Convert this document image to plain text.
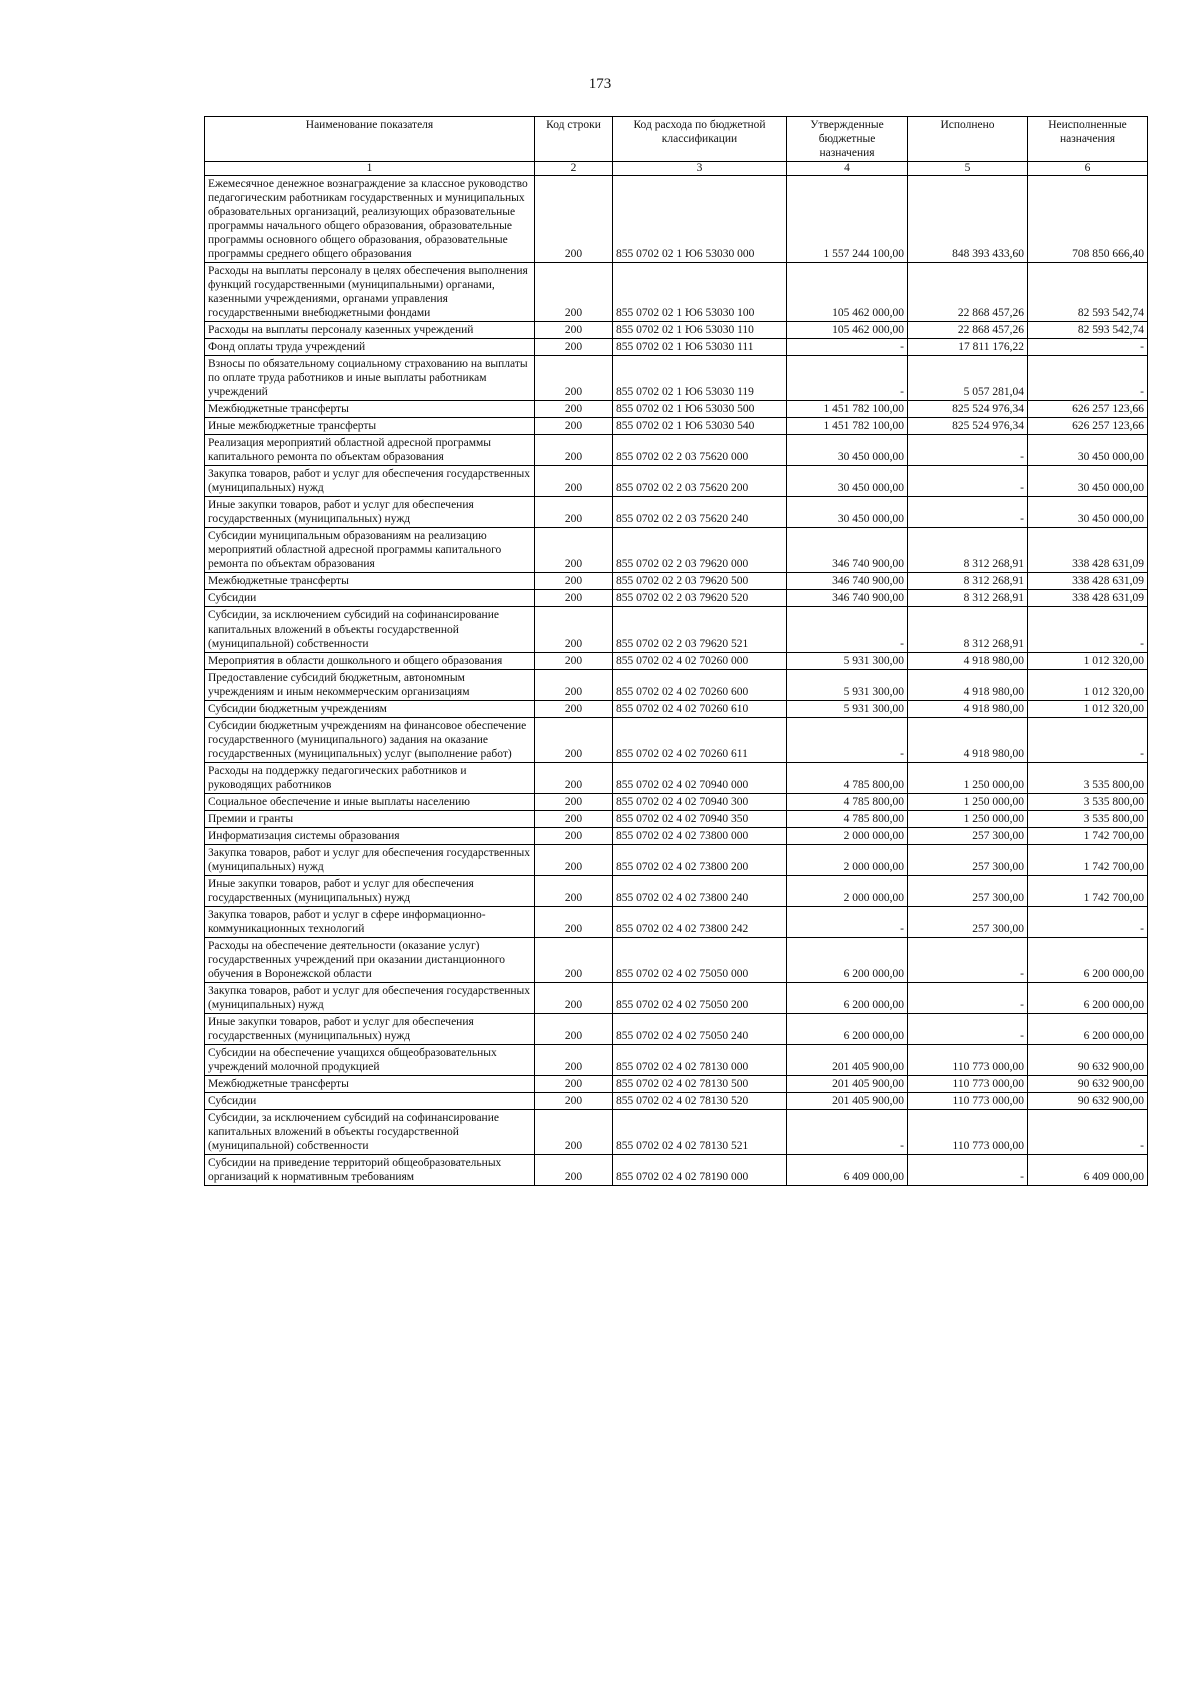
173
Наименование показателя	Код строки	Код расхода по бюджетной классификации	Утвержденные бюджетные назначения	Исполнено	Неисполненные назначения
1	2	3	4	5	6
Ежемесячное денежное вознаграждение за классное руководство педагогическим работникам государственных и муниципальных образовательных организаций, реализующих образовательные программы начального общего образования, образовательные программы основного общего образования, образовательные программы среднего общего образования	200	855 0702 02 1 Ю6 53030 000	1 557 244 100,00	848 393 433,60	708 850 666,40
Расходы на выплаты персоналу в целях обеспечения выполнения функций государственными (муниципальными) органами, казенными учреждениями, органами управления государственными внебюджетными фондами	200	855 0702 02 1 Ю6 53030 100	105 462 000,00	22 868 457,26	82 593 542,74
Расходы на выплаты персоналу казенных учреждений	200	855 0702 02 1 Ю6 53030 110	105 462 000,00	22 868 457,26	82 593 542,74
Фонд оплаты труда учреждений	200	855 0702 02 1 Ю6 53030 111	-	17 811 176,22	-
Взносы по обязательному социальному страхованию на выплаты по оплате труда работников и иные выплаты работникам учреждений	200	855 0702 02 1 Ю6 53030 119	-	5 057 281,04	-
Межбюджетные трансферты	200	855 0702 02 1 Ю6 53030 500	1 451 782 100,00	825 524 976,34	626 257 123,66
Иные межбюджетные трансферты	200	855 0702 02 1 Ю6 53030 540	1 451 782 100,00	825 524 976,34	626 257 123,66
Реализация мероприятий областной адресной программы капитального ремонта по объектам образования	200	855 0702 02 2 03 75620 000	30 450 000,00	-	30 450 000,00
Закупка товаров, работ и услуг для обеспечения государственных (муниципальных) нужд	200	855 0702 02 2 03 75620 200	30 450 000,00	-	30 450 000,00
Иные закупки товаров, работ и услуг для обеспечения государственных (муниципальных) нужд	200	855 0702 02 2 03 75620 240	30 450 000,00	-	30 450 000,00
Субсидии муниципальным образованиям на реализацию мероприятий областной адресной программы капитального ремонта по объектам образования	200	855 0702 02 2 03 79620 000	346 740 900,00	8 312 268,91	338 428 631,09
Межбюджетные трансферты	200	855 0702 02 2 03 79620 500	346 740 900,00	8 312 268,91	338 428 631,09
Субсидии	200	855 0702 02 2 03 79620 520	346 740 900,00	8 312 268,91	338 428 631,09
Субсидии, за исключением субсидий на софинансирование капитальных вложений в объекты государственной (муниципальной) собственности	200	855 0702 02 2 03 79620 521	-	8 312 268,91	-
Мероприятия в области дошкольного и общего образования	200	855 0702 02 4 02 70260 000	5 931 300,00	4 918 980,00	1 012 320,00
Предоставление субсидий бюджетным, автономным учреждениям и иным некоммерческим организациям	200	855 0702 02 4 02 70260 600	5 931 300,00	4 918 980,00	1 012 320,00
Субсидии бюджетным учреждениям	200	855 0702 02 4 02 70260 610	5 931 300,00	4 918 980,00	1 012 320,00
Субсидии бюджетным учреждениям на финансовое обеспечение государственного (муниципального) задания на оказание государственных (муниципальных) услуг (выполнение работ)	200	855 0702 02 4 02 70260 611	-	4 918 980,00	-
Расходы на поддержку педагогических работников и руководящих работников	200	855 0702 02 4 02 70940 000	4 785 800,00	1 250 000,00	3 535 800,00
Социальное обеспечение и иные выплаты населению	200	855 0702 02 4 02 70940 300	4 785 800,00	1 250 000,00	3 535 800,00
Премии и гранты	200	855 0702 02 4 02 70940 350	4 785 800,00	1 250 000,00	3 535 800,00
Информатизация системы образования	200	855 0702 02 4 02 73800 000	2 000 000,00	257 300,00	1 742 700,00
Закупка товаров, работ и услуг для обеспечения государственных (муниципальных) нужд	200	855 0702 02 4 02 73800 200	2 000 000,00	257 300,00	1 742 700,00
Иные закупки товаров, работ и услуг для обеспечения государственных (муниципальных) нужд	200	855 0702 02 4 02 73800 240	2 000 000,00	257 300,00	1 742 700,00
Закупка товаров, работ и услуг в сфере информационно-коммуникационных технологий	200	855 0702 02 4 02 73800 242	-	257 300,00	-
Расходы на обеспечение деятельности (оказание услуг) государственных учреждений при оказании дистанционного обучения в Воронежской области	200	855 0702 02 4 02 75050 000	6 200 000,00	-	6 200 000,00
Закупка товаров, работ и услуг для обеспечения государственных (муниципальных) нужд	200	855 0702 02 4 02 75050 200	6 200 000,00	-	6 200 000,00
Иные закупки товаров, работ и услуг для обеспечения государственных (муниципальных) нужд	200	855 0702 02 4 02 75050 240	6 200 000,00	-	6 200 000,00
Субсидии на обеспечение учащихся общеобразовательных учреждений молочной продукцией	200	855 0702 02 4 02 78130 000	201 405 900,00	110 773 000,00	90 632 900,00
Межбюджетные трансферты	200	855 0702 02 4 02 78130 500	201 405 900,00	110 773 000,00	90 632 900,00
Субсидии	200	855 0702 02 4 02 78130 520	201 405 900,00	110 773 000,00	90 632 900,00
Субсидии, за исключением субсидий на софинансирование капитальных вложений в объекты государственной (муниципальной) собственности	200	855 0702 02 4 02 78130 521	-	110 773 000,00	-
Субсидии на приведение территорий общеобразовательных организаций к нормативным требованиям	200	855 0702 02 4 02 78190 000	6 409 000,00	-	6 409 000,00
